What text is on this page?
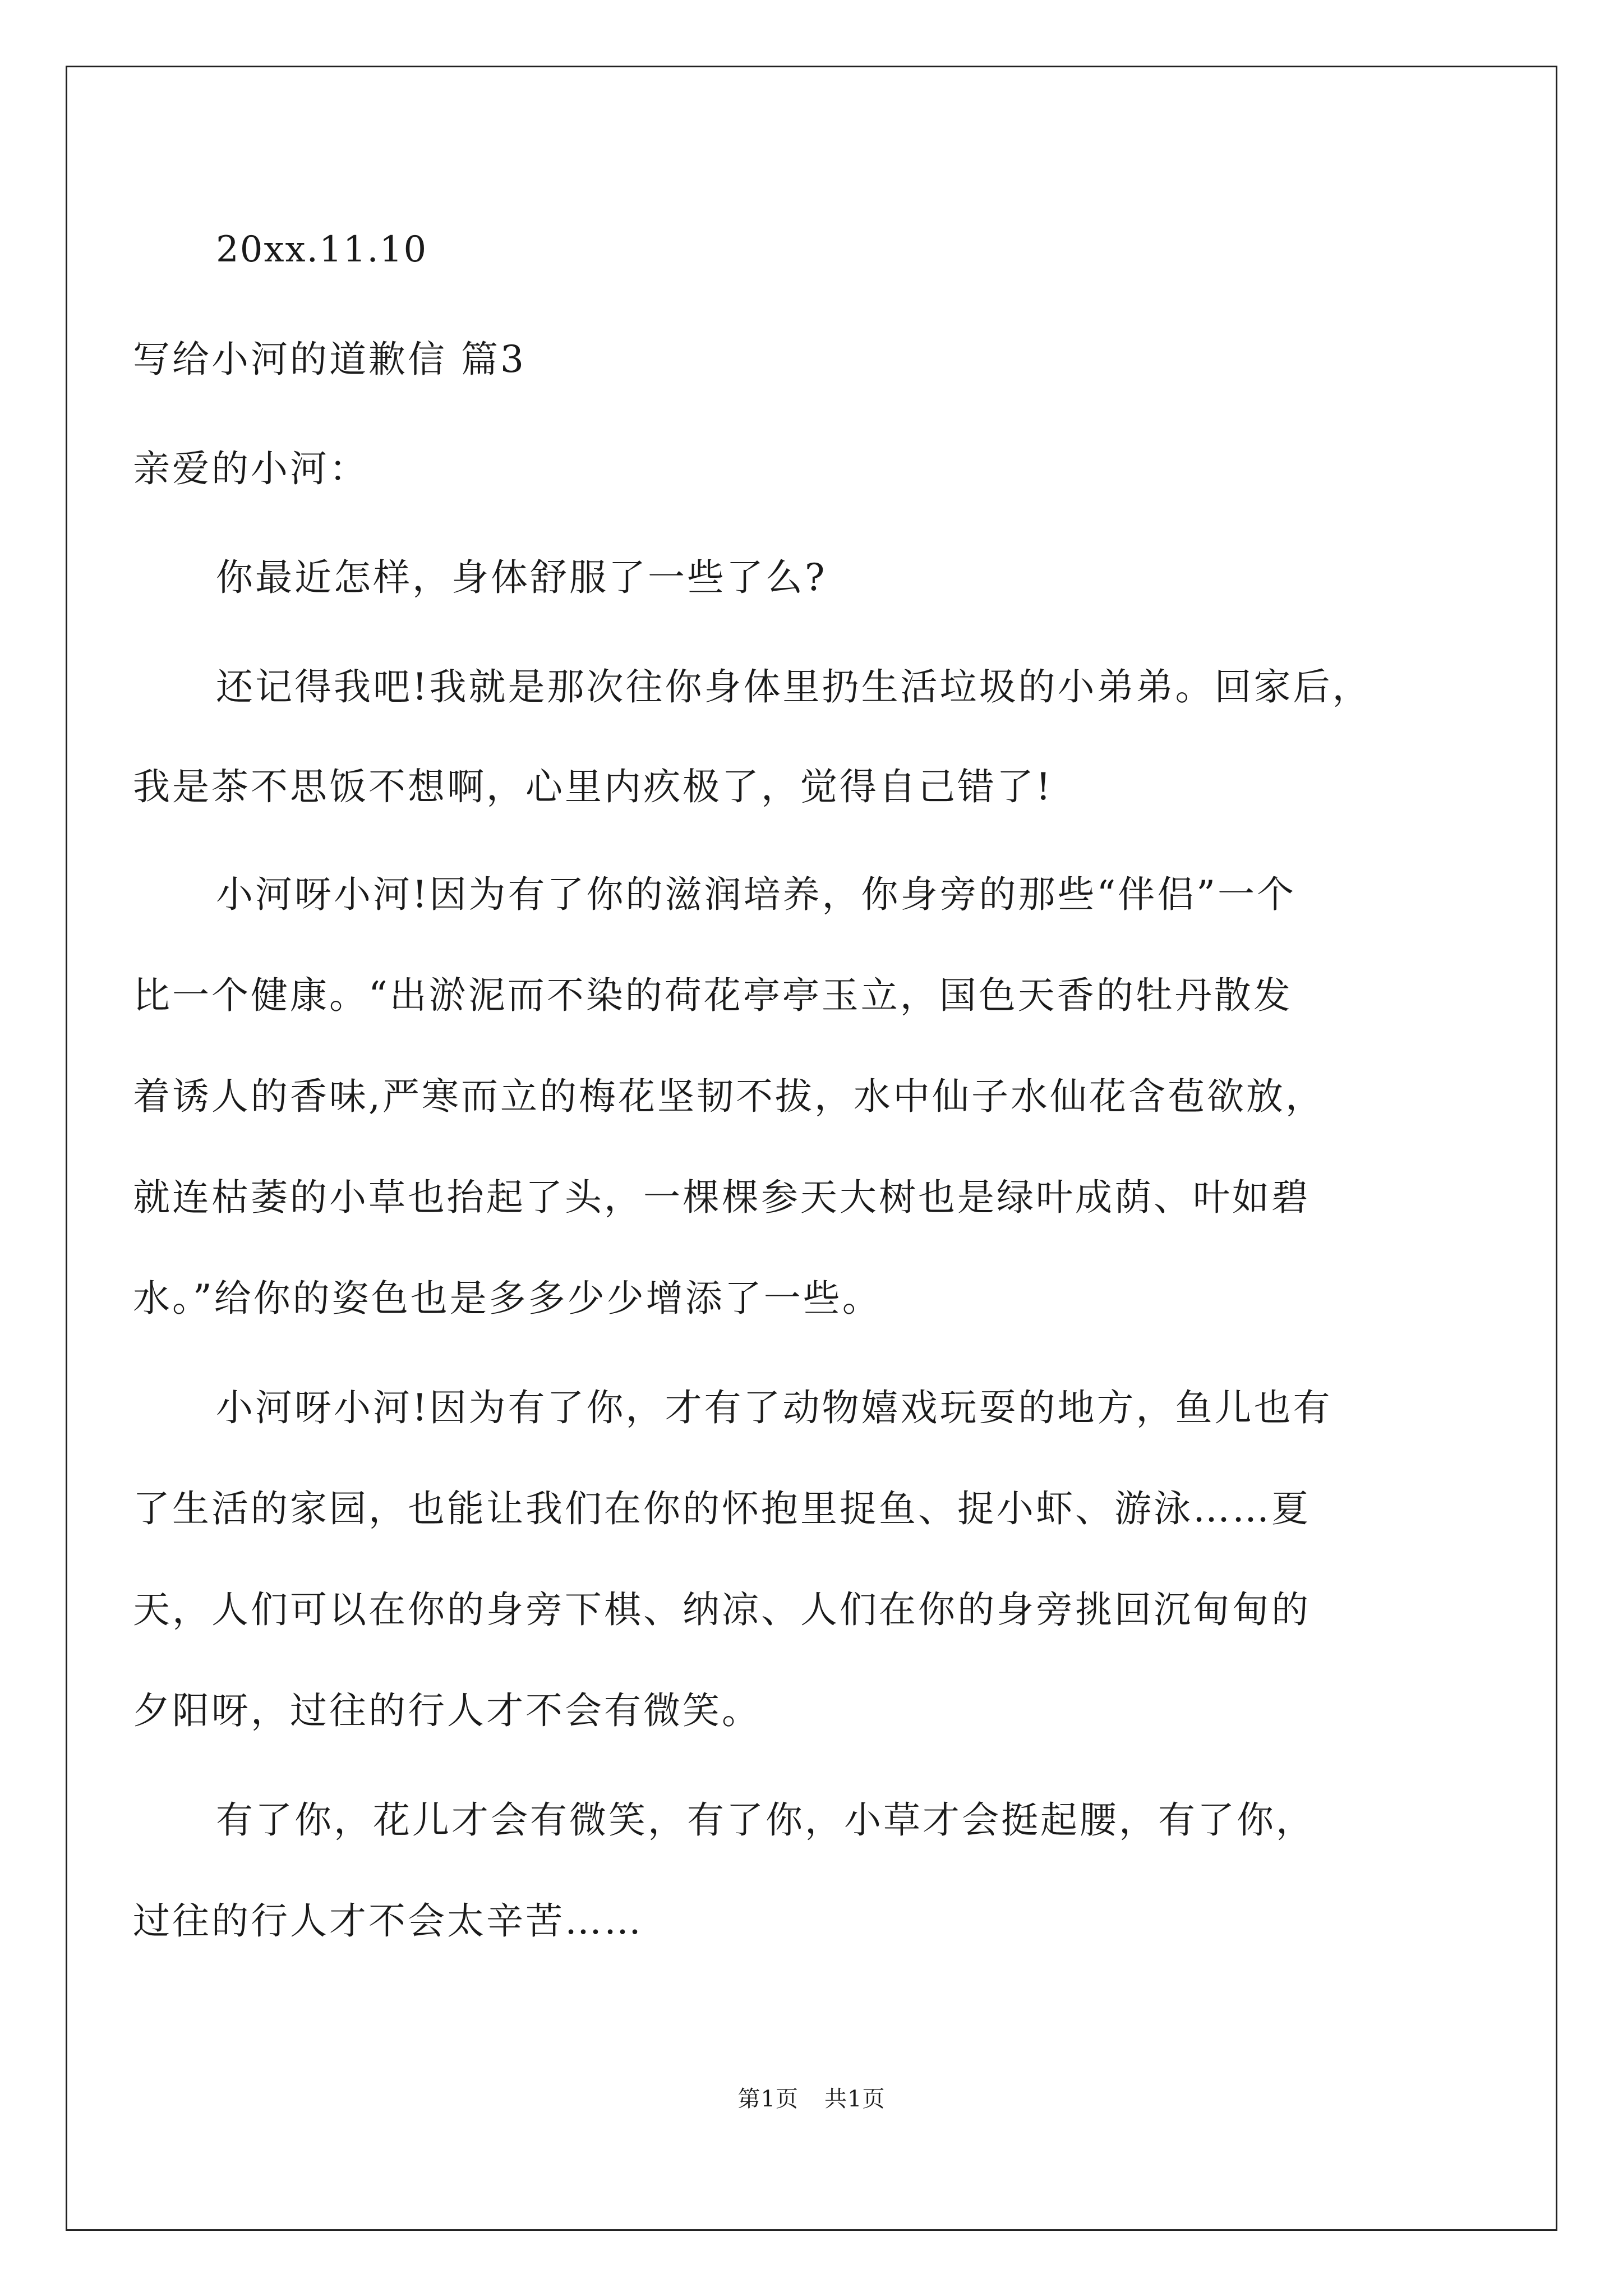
20xx.11.10
写给小河的道歉信 篇3
亲爱的小河：
你最近怎样，身体舒服了一些了么?
还记得我吧!我就是那次往你身体里扔生活垃圾的小弟弟。回家后，
我是茶不思饭不想啊，心里内疚极了，觉得自己错了!
小河呀小河!因为有了你的滋润培养，你身旁的那些“伴侣”一个
比一个健康。“出淤泥而不染的荷花亭亭玉立，国色天香的牡丹散发
着诱人的香味,严寒而立的梅花坚韧不拔，水中仙子水仙花含苞欲放，
就连枯萎的小草也抬起了头，一棵棵参天大树也是绿叶成荫、叶如碧
水。”给你的姿色也是多多少少增添了一些。
小河呀小河!因为有了你，才有了动物嬉戏玩耍的地方，鱼儿也有
了生活的家园，也能让我们在你的怀抱里捉鱼、捉小虾、游泳……夏
天，人们可以在你的身旁下棋、纳凉、人们在你的身旁挑回沉甸甸的
夕阳呀，过往的行人才不会有微笑。
有了你，花儿才会有微笑，有了你，小草才会挺起腰，有了你，
过往的行人才不会太辛苦……
第1页 共1页
